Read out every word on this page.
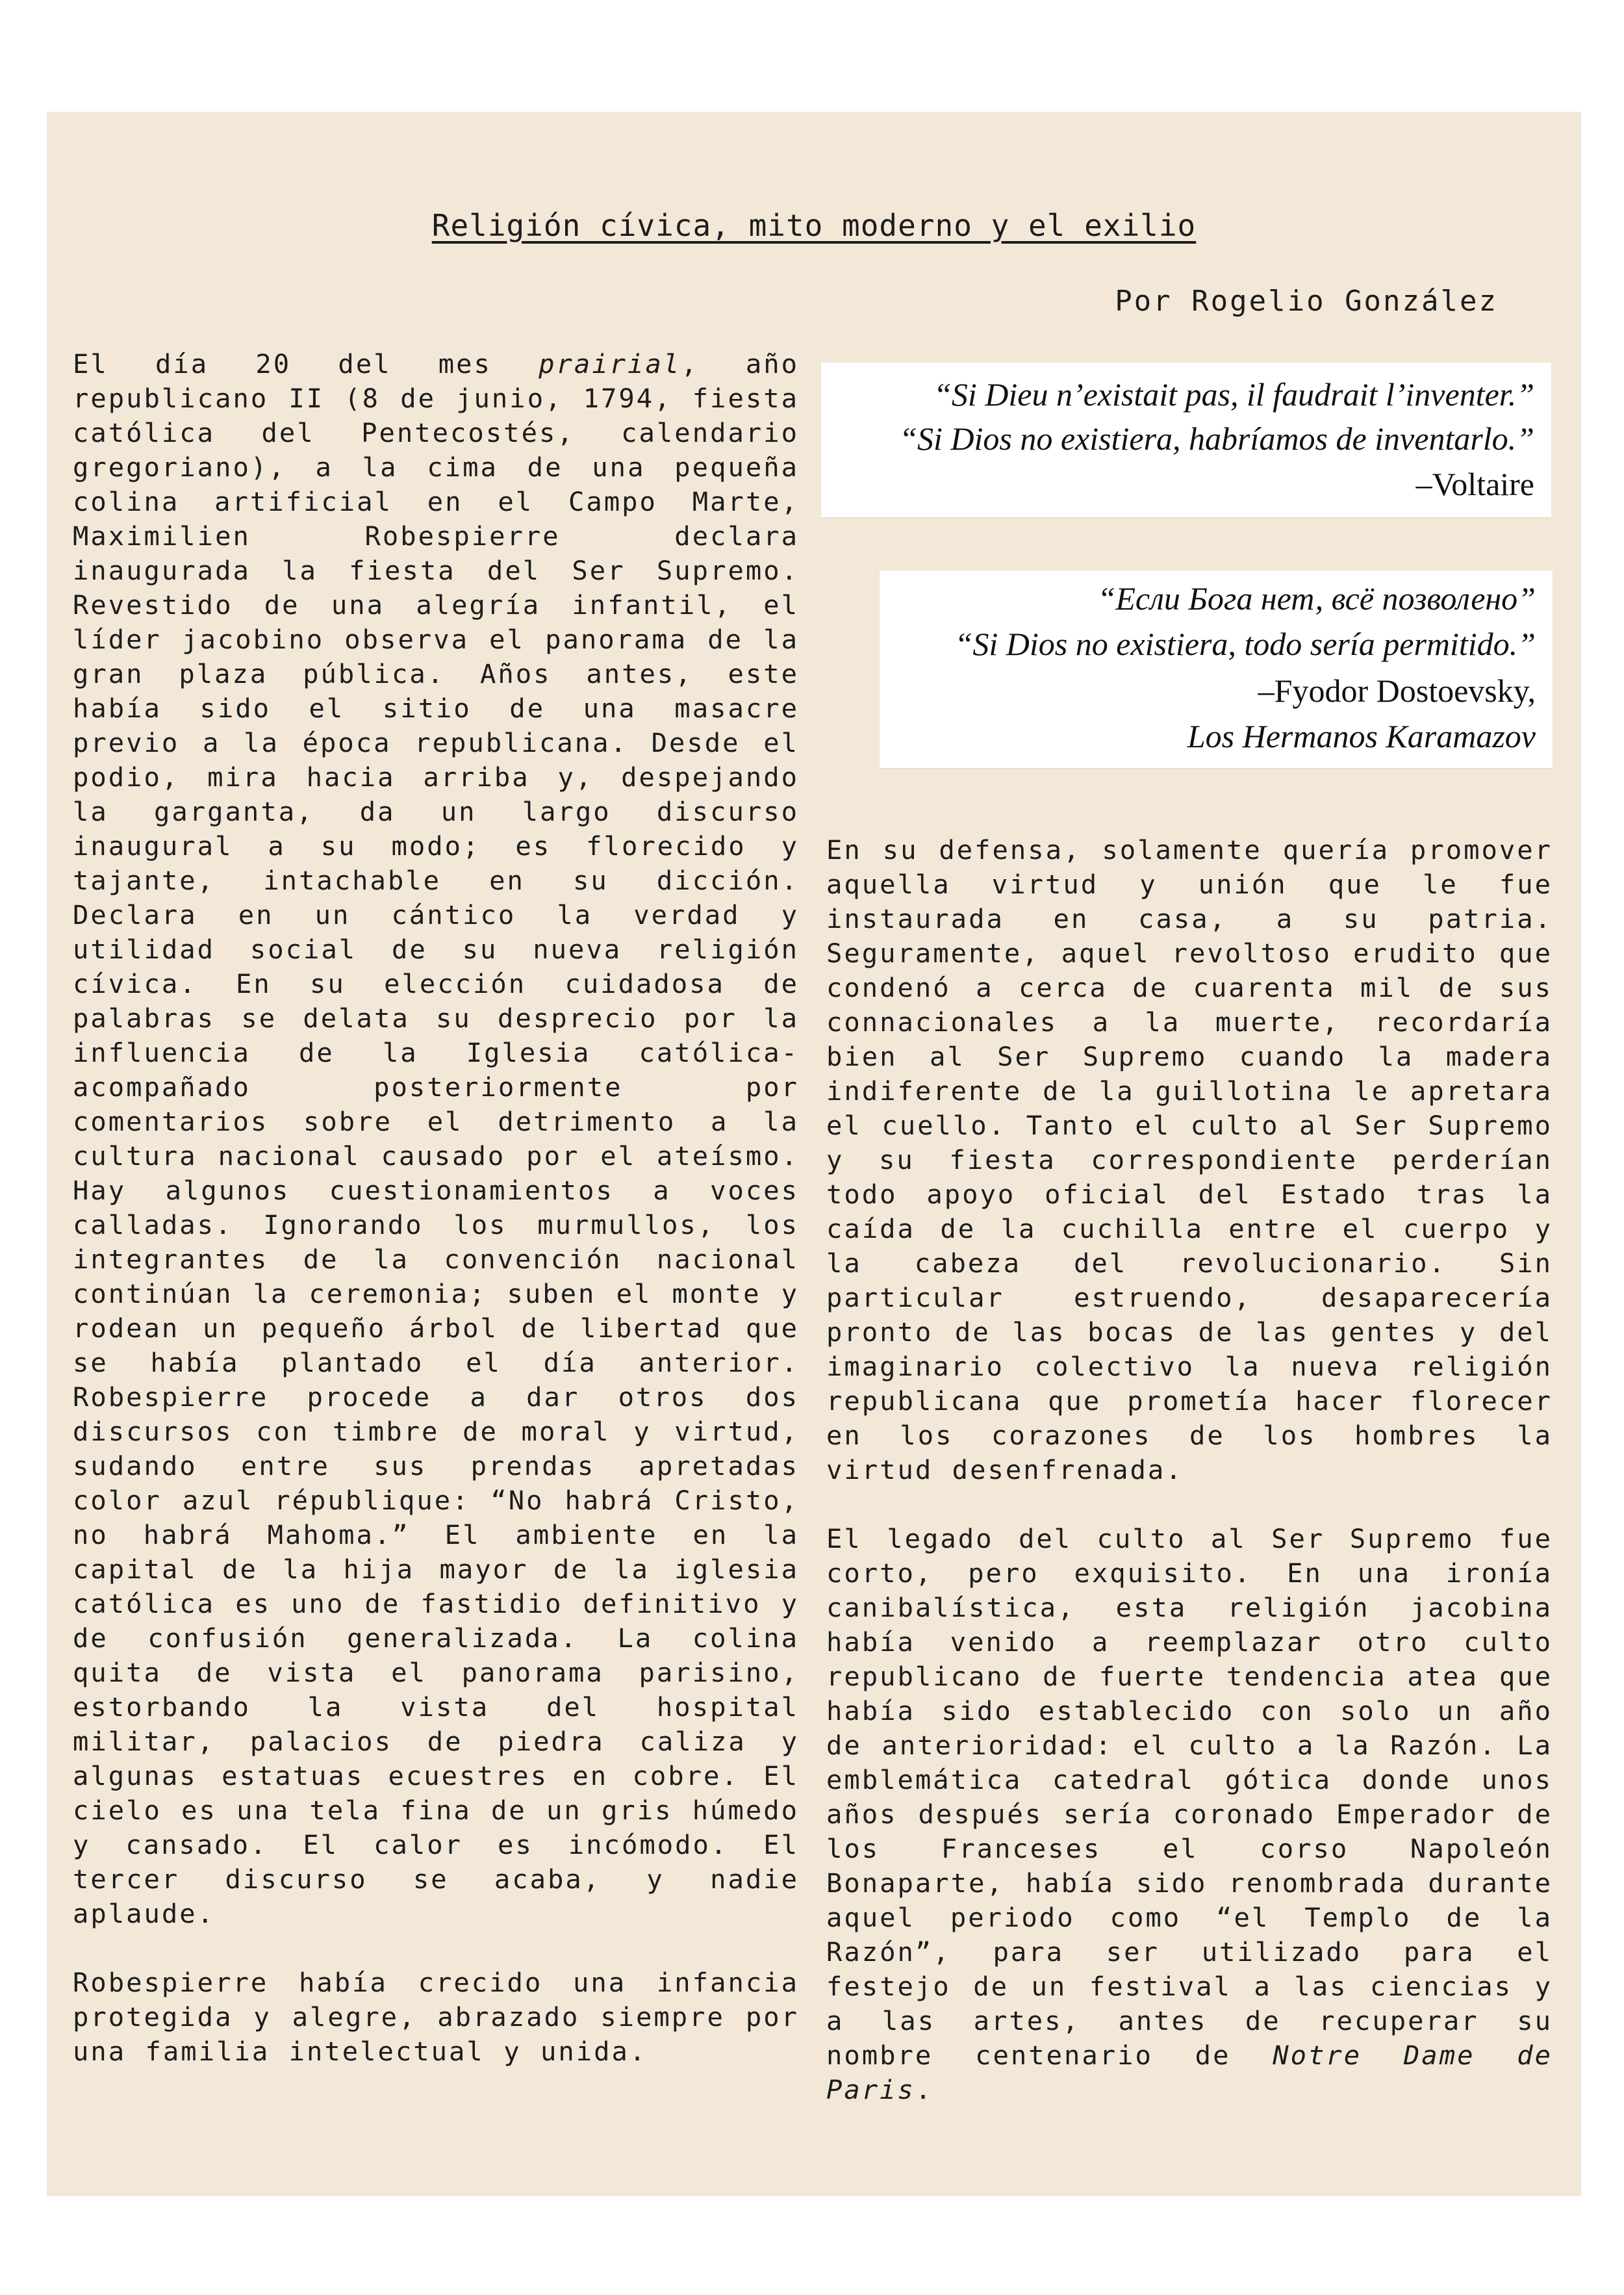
Religión cívica, mito moderno y el exilio
Por Rogelio González

El día 20 del mes prairial, año republicano II (8 de junio, 1794, fiesta católica del Pentecostés, calendario gregoriano), a la cima de una pequeña colina artificial en el Campo Marte, Maximilien Robespierre declara inaugurada la fiesta del Ser Supremo. Revestido de una alegría infantil, el líder jacobino observa el panorama de la gran plaza pública. Años antes, este había sido el sitio de una masacre previo a la época republicana. Desde el podio, mira hacia arriba y, despejando la garganta, da un largo discurso inaugural a su modo; es florecido y tajante, intachable en su dicción. Declara en un cántico la verdad y utilidad social de su nueva religión cívica. En su elección cuidadosa de palabras se delata su desprecio por la influencia de la Iglesia católica- acompañado posteriormente por comentarios sobre el detrimento a la cultura nacional causado por el ateísmo. Hay algunos cuestionamientos a voces calladas. Ignorando los murmullos, los integrantes de la convención nacional continúan la ceremonia; suben el monte y rodean un pequeño árbol de libertad que se había plantado el día anterior. Robespierre procede a dar otros dos discursos con timbre de moral y virtud, sudando entre sus prendas apretadas color azul république: “No habrá Cristo, no habrá Mahoma.” El ambiente en la capital de la hija mayor de la iglesia católica es uno de fastidio definitivo y de confusión generalizada. La colina quita de vista el panorama parisino, estorbando la vista del hospital militar, palacios de piedra caliza y algunas estatuas ecuestres en cobre. El cielo es una tela fina de un gris húmedo y cansado. El calor es incómodo. El tercer discurso se acaba, y nadie aplaude.

Robespierre había crecido una infancia protegida y alegre, abrazado siempre por una familia intelectual y unida.

“Si Dieu n’existait pas, il faudrait l’inventer.”
“Si Dios no existiera, habríamos de inventarlo.”
–Voltaire
“Если Бога нет, всё позволено”
“Si Dios no existiera, todo sería permitido.”
–Fyodor Dostoevsky,
Los Hermanos Karamazov

En su defensa, solamente quería promover aquella virtud y unión que le fue instaurada en casa, a su patria. Seguramente, aquel revoltoso erudito que condenó a cerca de cuarenta mil de sus connacionales a la muerte, recordaría bien al Ser Supremo cuando la madera indiferente de la guillotina le apretara el cuello. Tanto el culto al Ser Supremo y su fiesta correspondiente perderían todo apoyo oficial del Estado tras la caída de la cuchilla entre el cuerpo y la cabeza del revolucionario. Sin particular estruendo, desaparecería pronto de las bocas de las gentes y del imaginario colectivo la nueva religión republicana que prometía hacer florecer en los corazones de los hombres la virtud desenfrenada.

El legado del culto al Ser Supremo fue corto, pero exquisito. En una ironía canibalística, esta religión jacobina había venido a reemplazar otro culto republicano de fuerte tendencia atea que había sido establecido con solo un año de anterioridad: el culto a la Razón. La emblemática catedral gótica donde unos años después sería coronado Emperador de los Franceses el corso Napoleón Bonaparte, había sido renombrada durante aquel periodo como “el Templo de la Razón”, para ser utilizado para el festejo de un festival a las ciencias y a las artes, antes de recuperar su nombre centenario de Notre Dame de Paris.
